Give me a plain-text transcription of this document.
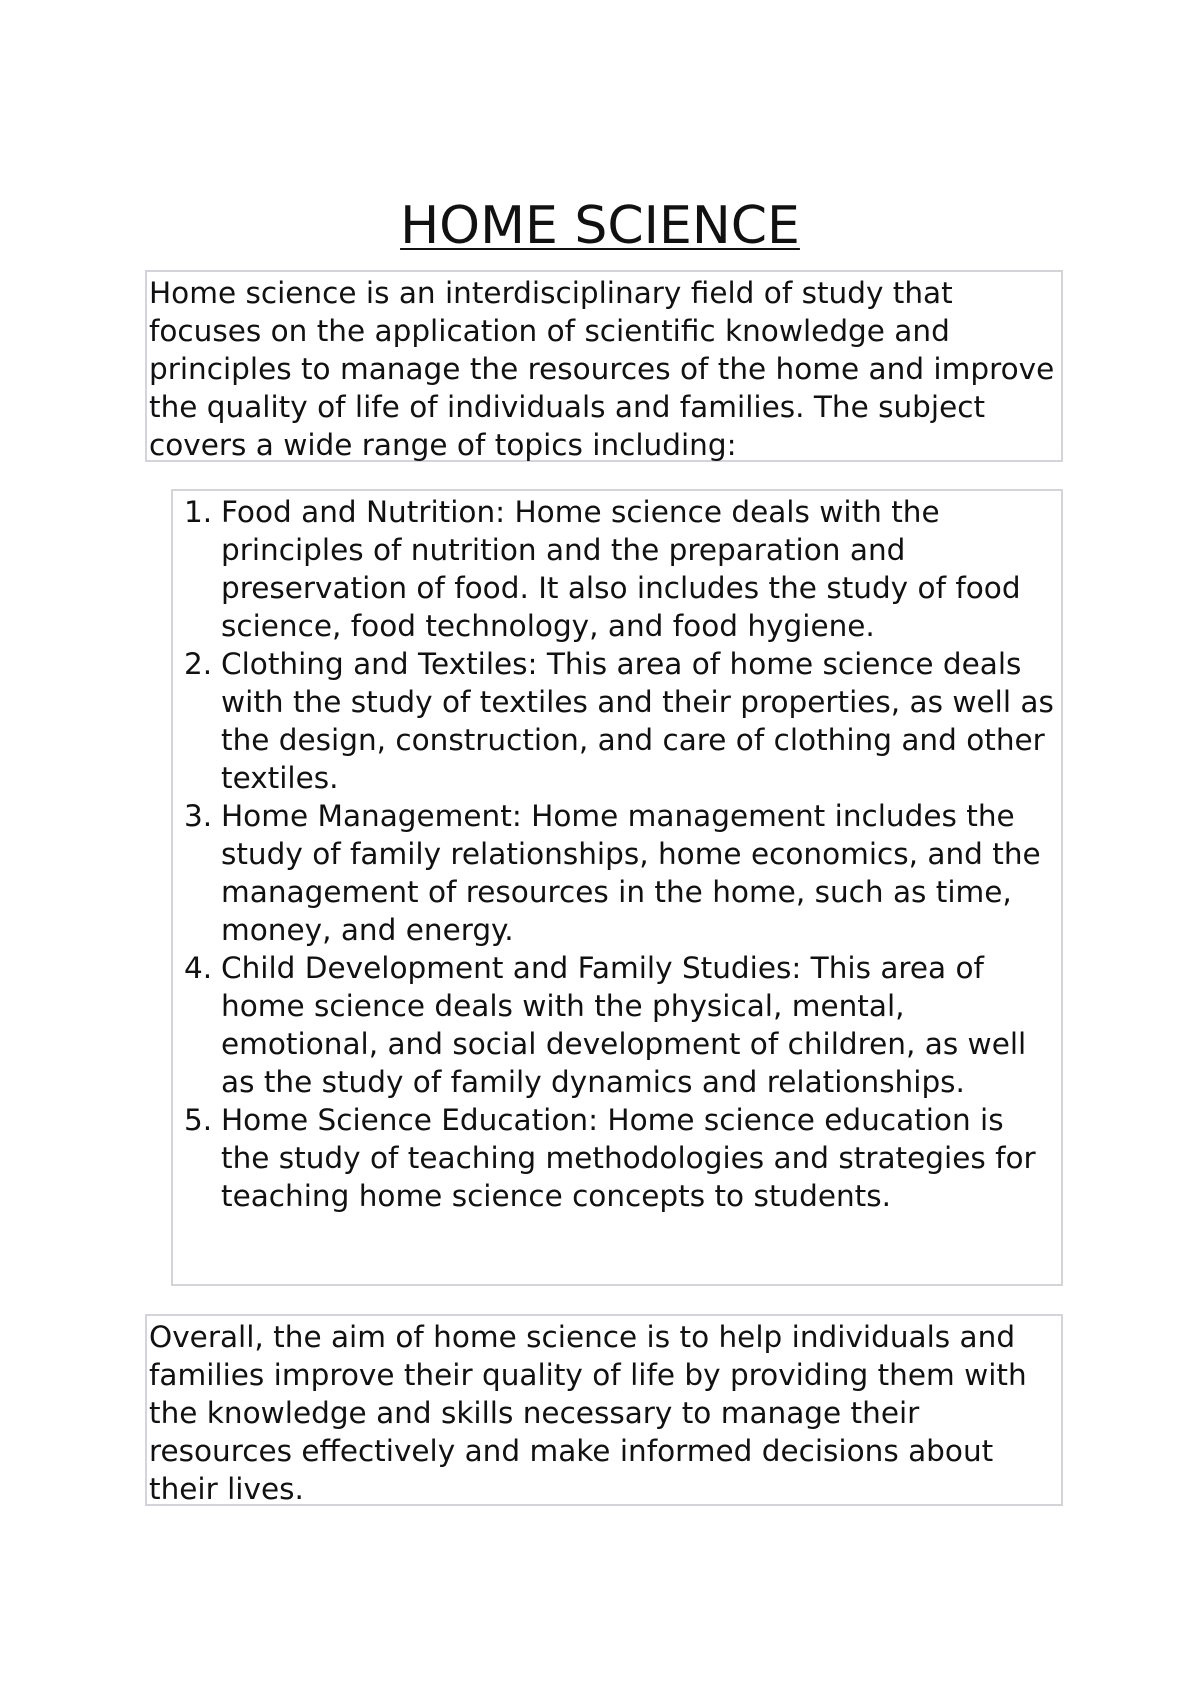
HOME SCIENCE

Home science is an interdisciplinary field of study that focuses on the application of scientific knowledge and principles to manage the resources of the home and improve the quality of life of individuals and families. The subject covers a wide range of topics including:

1. Food and Nutrition: Home science deals with the principles of nutrition and the preparation and preservation of food. It also includes the study of food science, food technology, and food hygiene.
2. Clothing and Textiles: This area of home science deals with the study of textiles and their properties, as well as the design, construction, and care of clothing and other textiles.
3. Home Management: Home management includes the study of family relationships, home economics, and the management of resources in the home, such as time, money, and energy.
4. Child Development and Family Studies: This area of home science deals with the physical, mental, emotional, and social development of children, as well as the study of family dynamics and relationships.
5. Home Science Education: Home science education is the study of teaching methodologies and strategies for teaching home science concepts to students.

Overall, the aim of home science is to help individuals and families improve their quality of life by providing them with the knowledge and skills necessary to manage their resources effectively and make informed decisions about their lives.
